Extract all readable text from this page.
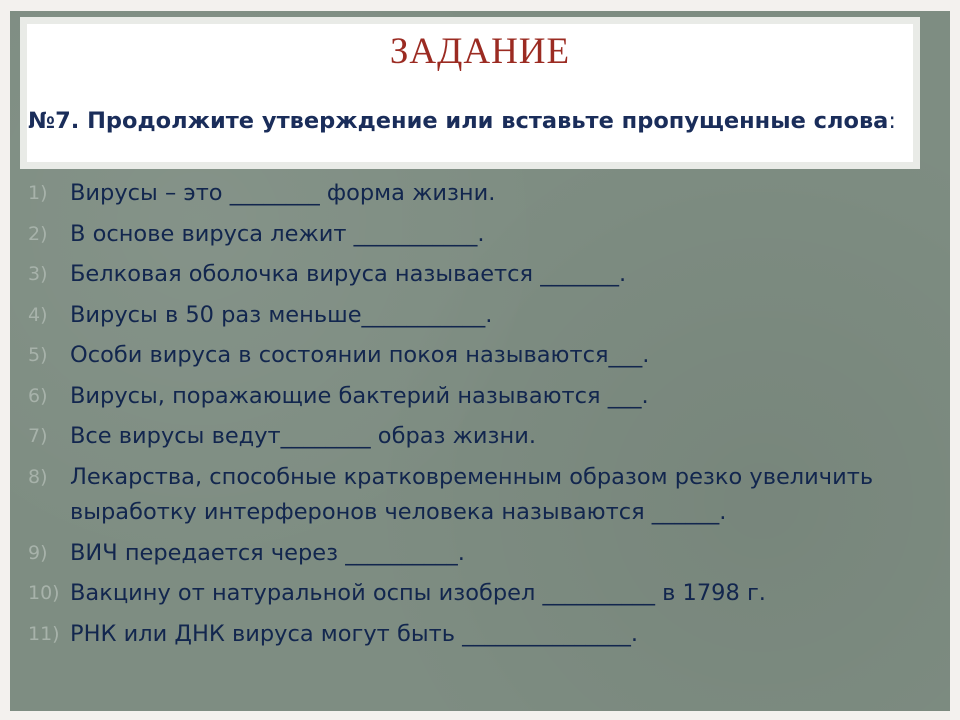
ЗАДАНИЕ

№7. Продолжите утверждение или вставьте пропущенные слова:

1) Вирусы – это ________ форма жизни.
2) В основе вируса лежит ___________.
3) Белковая оболочка вируса называется _______.
4) Вирусы в 50 раз меньше___________.
5) Особи вируса в состоянии покоя называются___.
6) Вирусы, поражающие бактерий называются ___.
7) Все вирусы ведут________ образ жизни.
8) Лекарства, способные кратковременным образом резко увеличить выработку интерферонов человека называются ______.
9) ВИЧ передается через __________.
10) Вакцину от натуральной оспы изобрел __________ в 1798 г.
11) РНК или ДНК вируса могут быть _______________.
